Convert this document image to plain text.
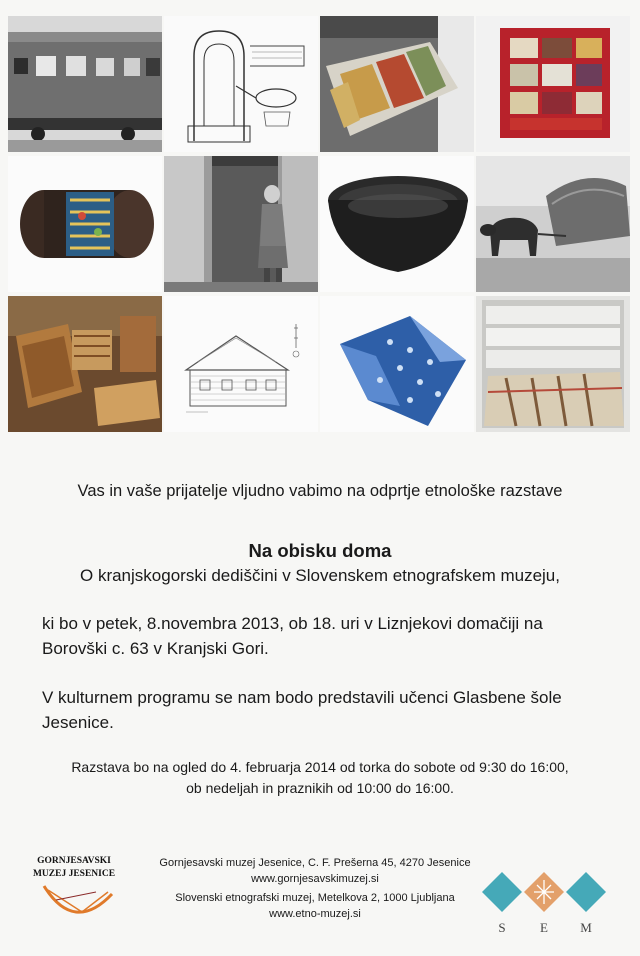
Vas in vaše prijatelje vljudno vabimo na odprtje etnološke razstave
Na obisku doma
O kranjskogorski dediščini v Slovenskem etnografskem muzeju,
ki bo v petek, 8.novembra 2013, ob 18. uri v Liznjekovi domačiji na Borovški c. 63 v Kranjski Gori.
V kulturnem programu se nam bodo predstavili učenci Glasbene šole Jesenice.
Razstava bo na ogled do 4. februarja 2014 od torka do sobote od 9:30 do 16:00,
ob nedeljah in praznikih od 10:00 do 16:00.
GORNJESAVSKI
MUZEJ JESENICE
Gornjesavski muzej Jesenice, C. F. Prešerna 45, 4270 Jesenice
www.gornjesavskimuzej.si
Slovenski etnografski muzej, Metelkova 2, 1000 Ljubljana
www.etno-muzej.si
S	E M
